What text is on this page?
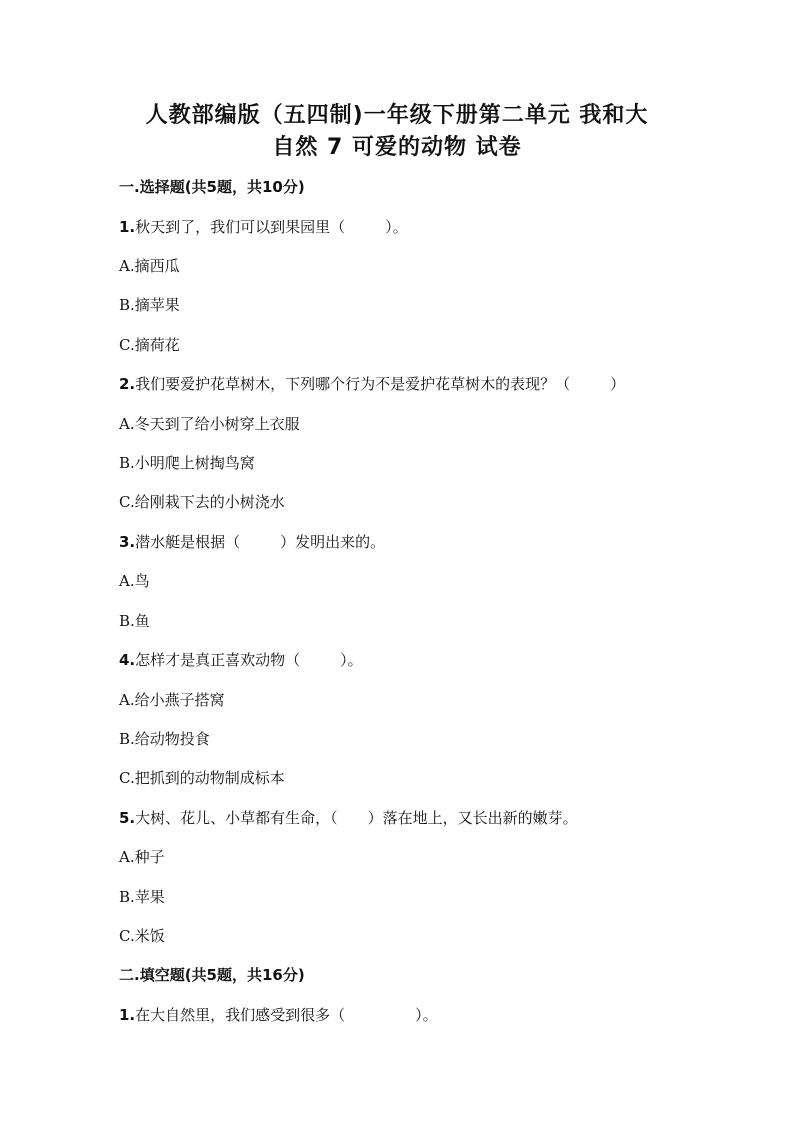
人教部编版（五四制)一年级下册第二单元 我和大
自然 7 可爱的动物 试卷
一.选择题(共5题，共10分)
1.秋天到了，我们可以到果园里（	）。
A.摘西瓜
B.摘苹果
C.摘荷花
2.我们要爱护花草树木，下列哪个行为不是爱护花草树木的表现？（	）
A.冬天到了给小树穿上衣服
B.小明爬上树掏鸟窝
C.给刚栽下去的小树浇水
3.潜水艇是根据（	）发明出来的。
A.鸟
B.鱼
4.怎样才是真正喜欢动物（	）。
A.给小燕子搭窝
B.给动物投食
C.把抓到的动物制成标本
5.大树、花儿、小草都有生命，（ ）落在地上，又长出新的嫩芽。
A.种子
B.苹果
C.米饭
二.填空题(共5题，共16分)
1.在大自然里，我们感受到很多（	）。
